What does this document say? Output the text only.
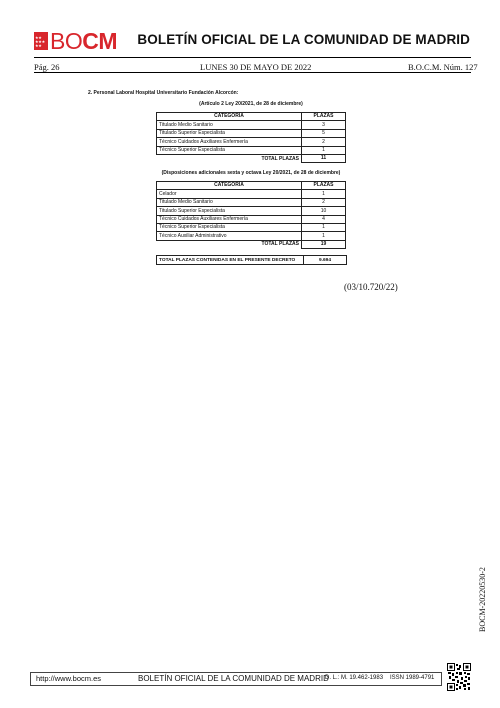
★★
★★★
★★ BOCM BOLETÍN OFICIAL DE LA COMUNIDAD DE MADRID
Pág. 26	LUNES 30 DE MAYO DE 2022	B.O.C.M. Núm. 127
2. Personal Laboral Hospital Universitario Fundación Alcorcón:
(Artículo 2 Ley 20/2021, de 28 de diciembre)
CATEGORÍA	PLAZAS
Titulado Medio Sanitario	3
Titulado Superior Especialista	5
Técnico Cuidados Auxiliares Enfermería	2
Técnico Superior Especialista	1
TOTAL PLAZAS	11
(Disposiciones adicionales sexta y octava Ley 20/2021, de 28 de diciembre)
CATEGORÍA	PLAZAS
Celador	1
Titulado Medio Sanitario	2
Titulado Superior Especialista	10
Técnico Cuidados Auxiliares Enfermería	4
Técnico Superior Especialista	1
Técnico Auxiliar Administrativo	1
TOTAL PLAZAS	19
TOTAL PLAZAS CONTENIDAS EN EL PRESENTE DECRETO	9.694
(03/10.720/22)
BOCM-20220530-2
http://www.bocm.es	BOLETÍN OFICIAL DE LA COMUNIDAD DE MADRID
D. L.: M. 19.462-1983 ISSN 1989-4791
